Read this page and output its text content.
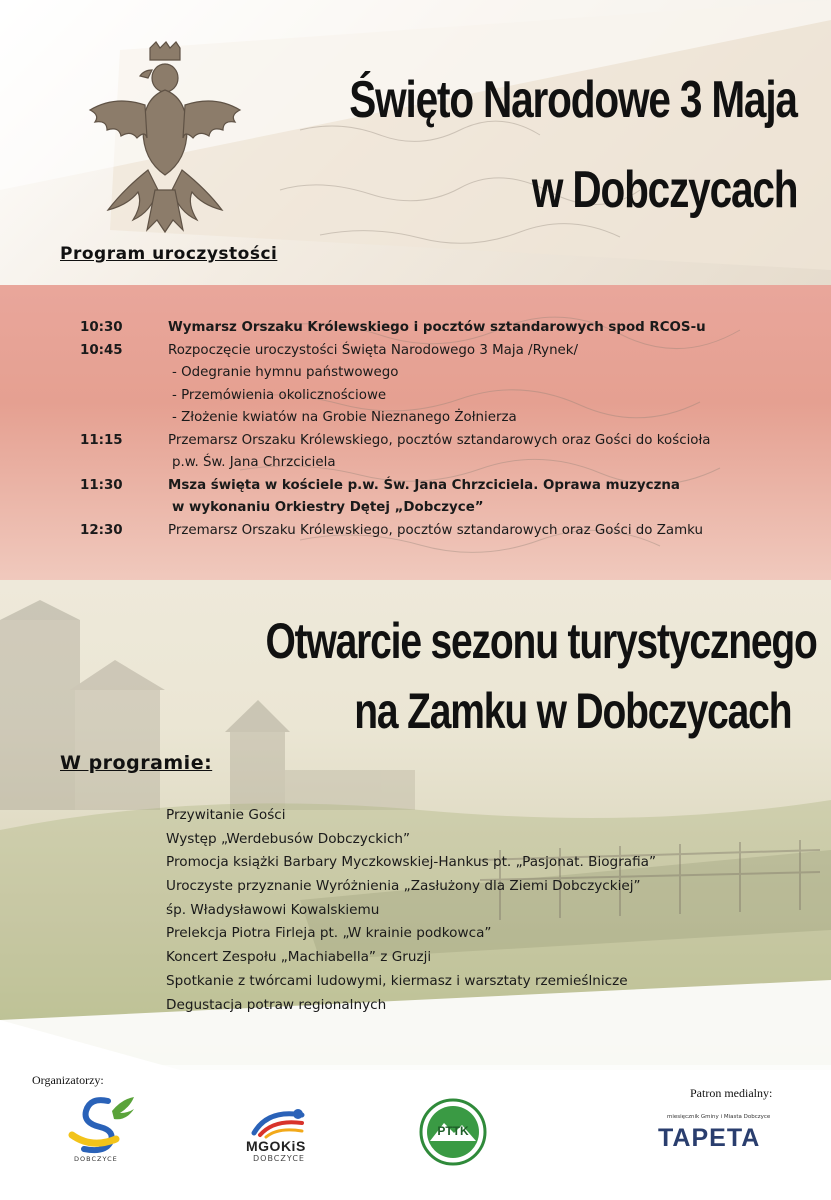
Święto Narodowe 3 Maja
w Dobczycach
Program uroczystości
10:30	Wymarsz Orszaku Królewskiego i pocztów sztandarowych spod RCOS-u
10:45	Rozpoczęcie uroczystości Święta Narodowego 3 Maja /Rynek/
- Odegranie hymnu państwowego
- Przemówienia okolicznościowe
- Złożenie kwiatów na Grobie Nieznanego Żołnierza
11:15	Przemarsz Orszaku Królewskiego, pocztów sztandarowych oraz Gości do kościoła
p.w. Św. Jana Chrzciciela
11:30	Msza święta w kościele p.w. Św. Jana Chrzciciela. Oprawa muzyczna
w wykonaniu Orkiestry Dętej „Dobczyce”
12:30	Przemarsz Orszaku Królewskiego, pocztów sztandarowych oraz Gości do Zamku
Otwarcie sezonu turystycznego
na Zamku w Dobczycach
W programie:
Przywitanie Gości
Występ „Werdebusów Dobczyckich”
Promocja książki Barbary Myczkowskiej-Hankus pt. „Pasjonat. Biografia”
Uroczyste przyznanie Wyróżnienia „Zasłużony dla Ziemi Dobczyckiej”
śp. Władysławowi Kowalskiemu
Prelekcja Piotra Firleja pt. „W krainie podkowca”
Koncert Zespołu „Machiabella” z Gruzji
Spotkanie z twórcami ludowymi, kiermasz i warsztaty rzemieślnicze
Degustacja potraw regionalnych
Organizatorzy:
Patron medialny:
DOBCZYCE
MGOKiS
DOBCZYCE
PTTK
miesięcznik Gminy i Miasta Dobczyce
TAPETA
